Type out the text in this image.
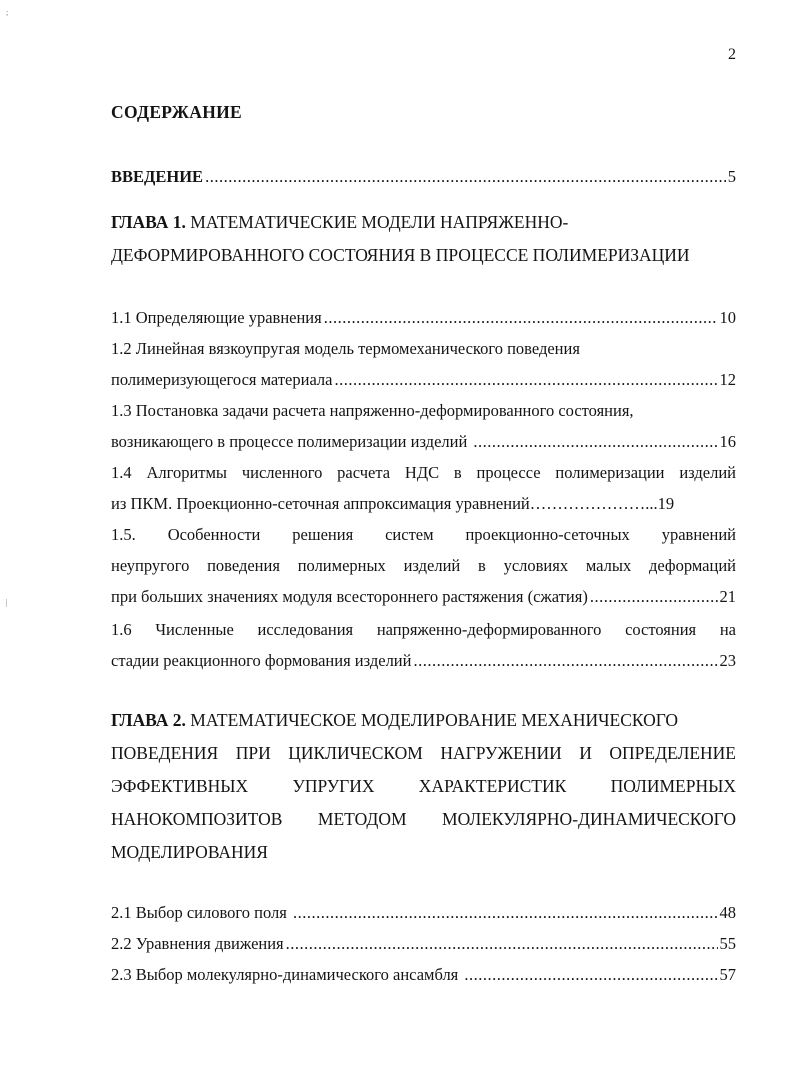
;
|
2
СОДЕРЖАНИЕ
ВВЕДЕНИЕ .....	5
ГЛАВА 1. МАТЕМАТИЧЕСКИЕ МОДЕЛИ НАПРЯЖЕННО-
ДЕФОРМИРОВАННОГО СОСТОЯНИЯ В ПРОЦЕССЕ ПОЛИМЕРИЗАЦИИ
1.1 Определяющие уравнения .....	10
1.2 Линейная вязкоупругая модель термомеханического поведения
полимеризующегося материала .....	12
1.3 Постановка задачи расчета напряженно-деформированного состояния,
возникающего в процессе полимеризации изделий .....	16
1.4 Алгоритмы численного расчета НДС в процессе полимеризации изделий
из ПКМ. Проекционно-сеточная аппроксимация уравнений…………………...19
1.5. Особенности решения систем проекционно-сеточных уравнений
неупругого поведения полимерных изделий в условиях малых деформаций
при больших значениях модуля всестороннего растяжения (сжатия) .....	21
1.6 Численные исследования напряженно-деформированного состояния на
стадии реакционного формования изделий .....	23
ГЛАВА 2. МАТЕМАТИЧЕСКОЕ МОДЕЛИРОВАНИЕ МЕХАНИЧЕСКОГО
ПОВЕДЕНИЯ ПРИ ЦИКЛИЧЕСКОМ НАГРУЖЕНИИ И ОПРЕДЕЛЕНИЕ
ЭФФЕКТИВНЫХ УПРУГИХ ХАРАКТЕРИСТИК ПОЛИМЕРНЫХ
НАНОКОМПОЗИТОВ МЕТОДОМ МОЛЕКУЛЯРНО-ДИНАМИЧЕСКОГО
МОДЕЛИРОВАНИЯ
2.1 Выбор силового поля .....	48
2.2 Уравнения движения .....	55
2.3 Выбор молекулярно-динамического ансамбля .....	57
